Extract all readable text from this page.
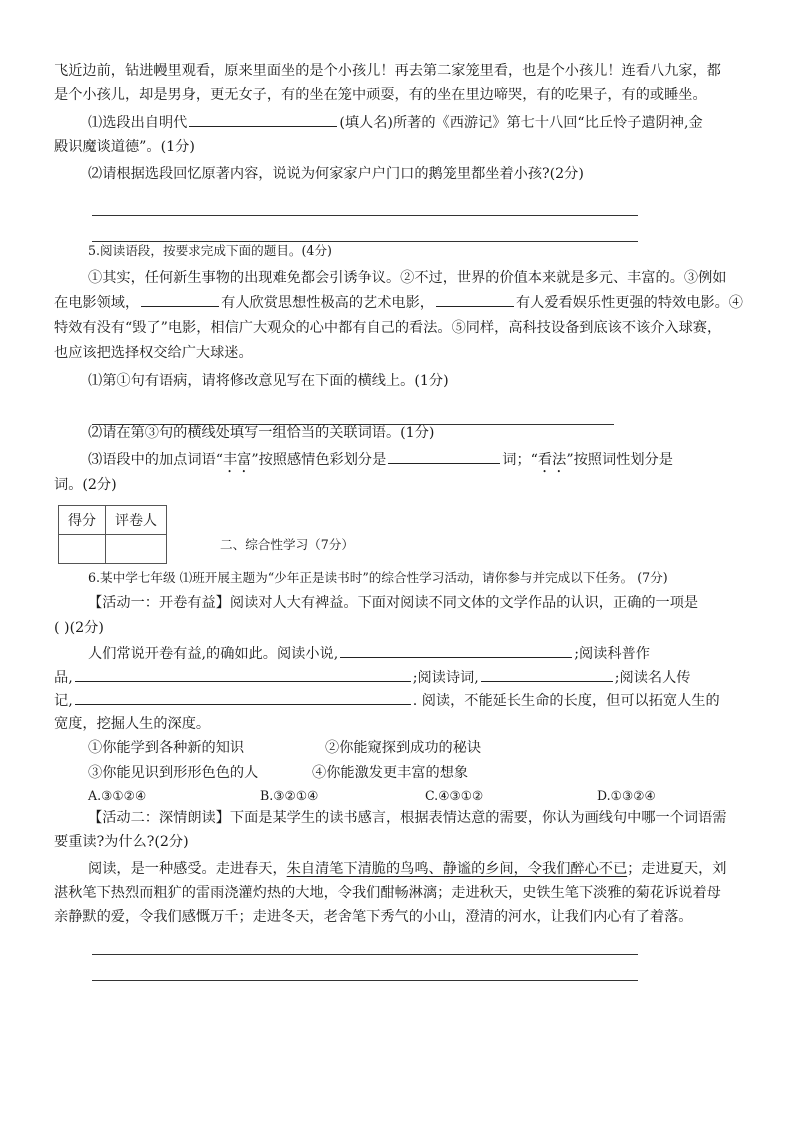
飞近边前，钻进幔里观看，原来里面坐的是个小孩儿！再去第二家笼里看，也是个小孩儿！连看八九家，都
是个小孩儿，却是男身，更无女子，有的坐在笼中顽耍，有的坐在里边啼哭，有的吃果子，有的或睡坐。
⑴选段出自明代	(填人名)所著的《西游记》第七十八回“比丘怜子遣阴神,金
殿识魔谈道德”。(1分)
⑵请根据选段回忆原著内容，说说为何家家户户门口的鹅笼里都坐着小孩?(2分)
5.阅读语段，按要求完成下面的题目。(4分)
①其实，任何新生事物的出现难免都会引诱争议。②不过，世界的价值本来就是多元、丰富的。③例如
在电影领域，	有人欣赏思想性极高的艺术电影，	有人爱看娱乐性更强的特效电影。④
特效有没有“毁了”电影，相信广大观众的心中都有自己的看法。⑤同样，高科技设备到底该不该介入球赛，
也应该把选择权交给广大球迷。
⑴第①句有语病，请将修改意见写在下面的横线上。(1分)
⑵请在第③句的横线处填写一组恰当的关联词语。(1分)
⑶语段中的加点词语“丰富”按照感情色彩划分是	词；“看法”按照词性划分是
词。(2分)
得分	评卷人

二、综合性学习（7分）
6.某中学七年级 ⑴班开展主题为“少年正是读书时”的综合性学习活动，请你参与并完成以下任务。 (7分)
【活动一：开卷有益】阅读对人大有裨益。下面对阅读不同文体的文学作品的认识，正确的一项是
( )(2分)
人们常说开卷有益,的确如此。阅读小说,	;阅读科普作
品,	;阅读诗词,	;阅读名人传
记,	. 阅读，不能延长生命的长度，但可以拓宽人生的
宽度，挖掘人生的深度。
①你能学到各种新的知识	②你能窥探到成功的秘诀
③你能见识到形形色色的人	④你能激发更丰富的想象
A.③①②④	B.③②①④	C.④③①②	D.①③②④
【活动二：深情朗读】下面是某学生的读书感言，根据表情达意的需要，你认为画线句中哪一个词语需
要重读?为什么?(2分)
阅读，是一种感受。走进春天，朱自清笔下清脆的鸟鸣、静谧的乡间，令我们醉心不已；走进夏天，刘
湛秋笔下热烈而粗犷的雷雨浇灌灼热的大地，令我们酣畅淋漓；走进秋天，史铁生笔下淡雅的菊花诉说着母
亲静默的爱，令我们感慨万千；走进冬天，老舍笔下秀气的小山，澄清的河水，让我们内心有了着落。
